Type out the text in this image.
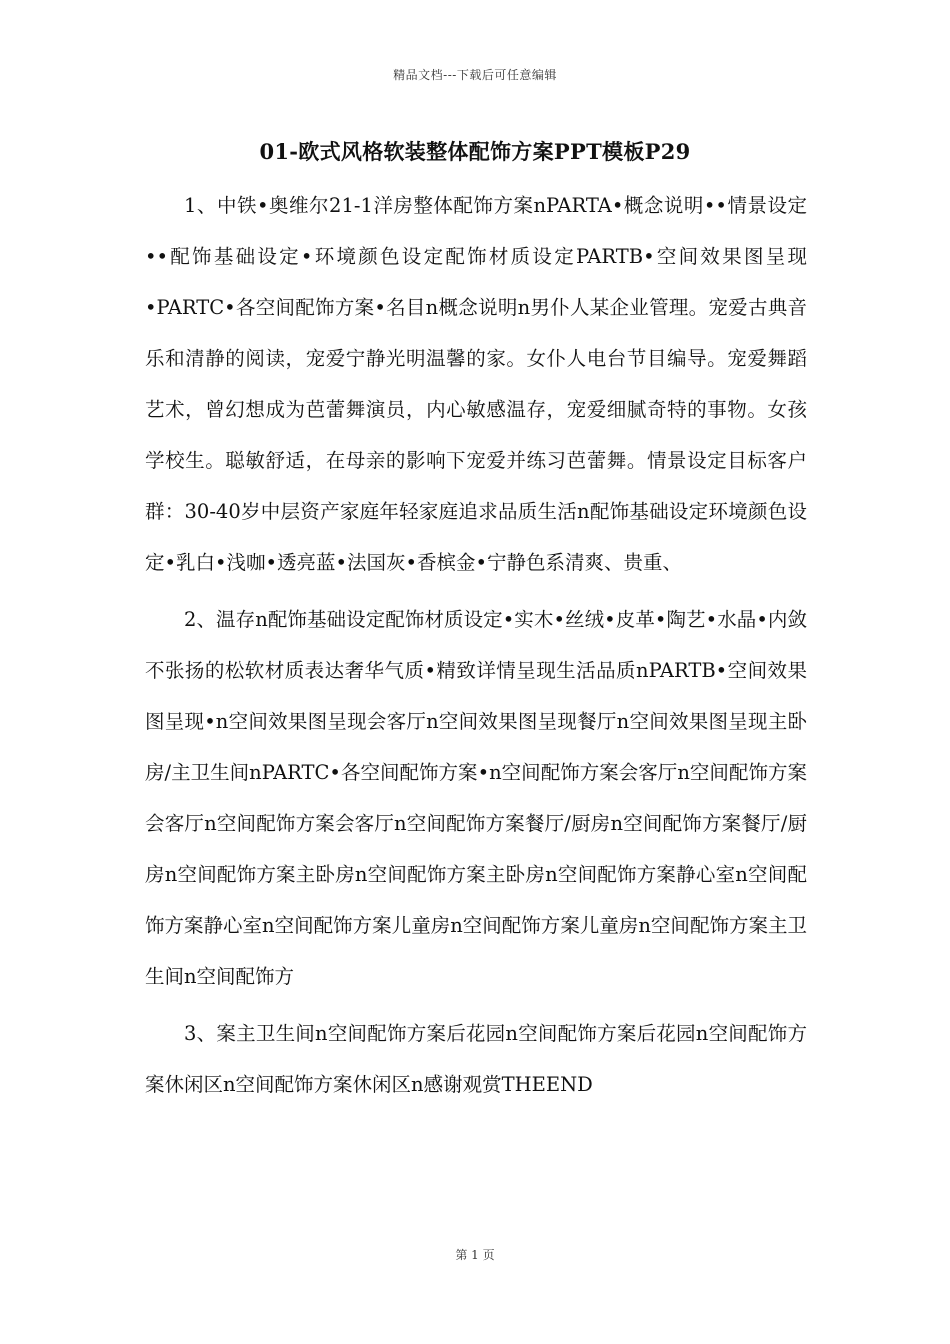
精品文档---下载后可任意编辑
01-欧式风格软装整体配饰方案PPT模板P29

1、中铁•奥维尔21-1洋房整体配饰方案nPARTA•概念说明••情景设定••配饰基础设定•环境颜色设定配饰材质设定PARTB•空间效果图呈现•PARTC•各空间配饰方案•名目n概念说明n男仆人某企业管理。宠爱古典音乐和清静的阅读，宠爱宁静光明温馨的家。女仆人电台节目编导。宠爱舞蹈艺术，曾幻想成为芭蕾舞演员，内心敏感温存，宠爱细腻奇特的事物。女孩学校生。聪敏舒适，在母亲的影响下宠爱并练习芭蕾舞。情景设定目标客户群：30-40岁中层资产家庭年轻家庭追求品质生活n配饰基础设定环境颜色设定•乳白•浅咖•透亮蓝•法国灰•香槟金•宁静色系清爽、贵重、

2、温存n配饰基础设定配饰材质设定•实木•丝绒•皮革•陶艺•水晶•内敛不张扬的松软材质表达奢华气质•精致详情呈现生活品质nPARTB•空间效果图呈现•n空间效果图呈现会客厅n空间效果图呈现餐厅n空间效果图呈现主卧房/主卫生间nPARTC•各空间配饰方案•n空间配饰方案会客厅n空间配饰方案会客厅n空间配饰方案会客厅n空间配饰方案餐厅/厨房n空间配饰方案餐厅/厨房n空间配饰方案主卧房n空间配饰方案主卧房n空间配饰方案静心室n空间配饰方案静心室n空间配饰方案儿童房n空间配饰方案儿童房n空间配饰方案主卫生间n空间配饰方

3、案主卫生间n空间配饰方案后花园n空间配饰方案后花园n空间配饰方案休闲区n空间配饰方案休闲区n感谢观赏THEEND

第 1 页
